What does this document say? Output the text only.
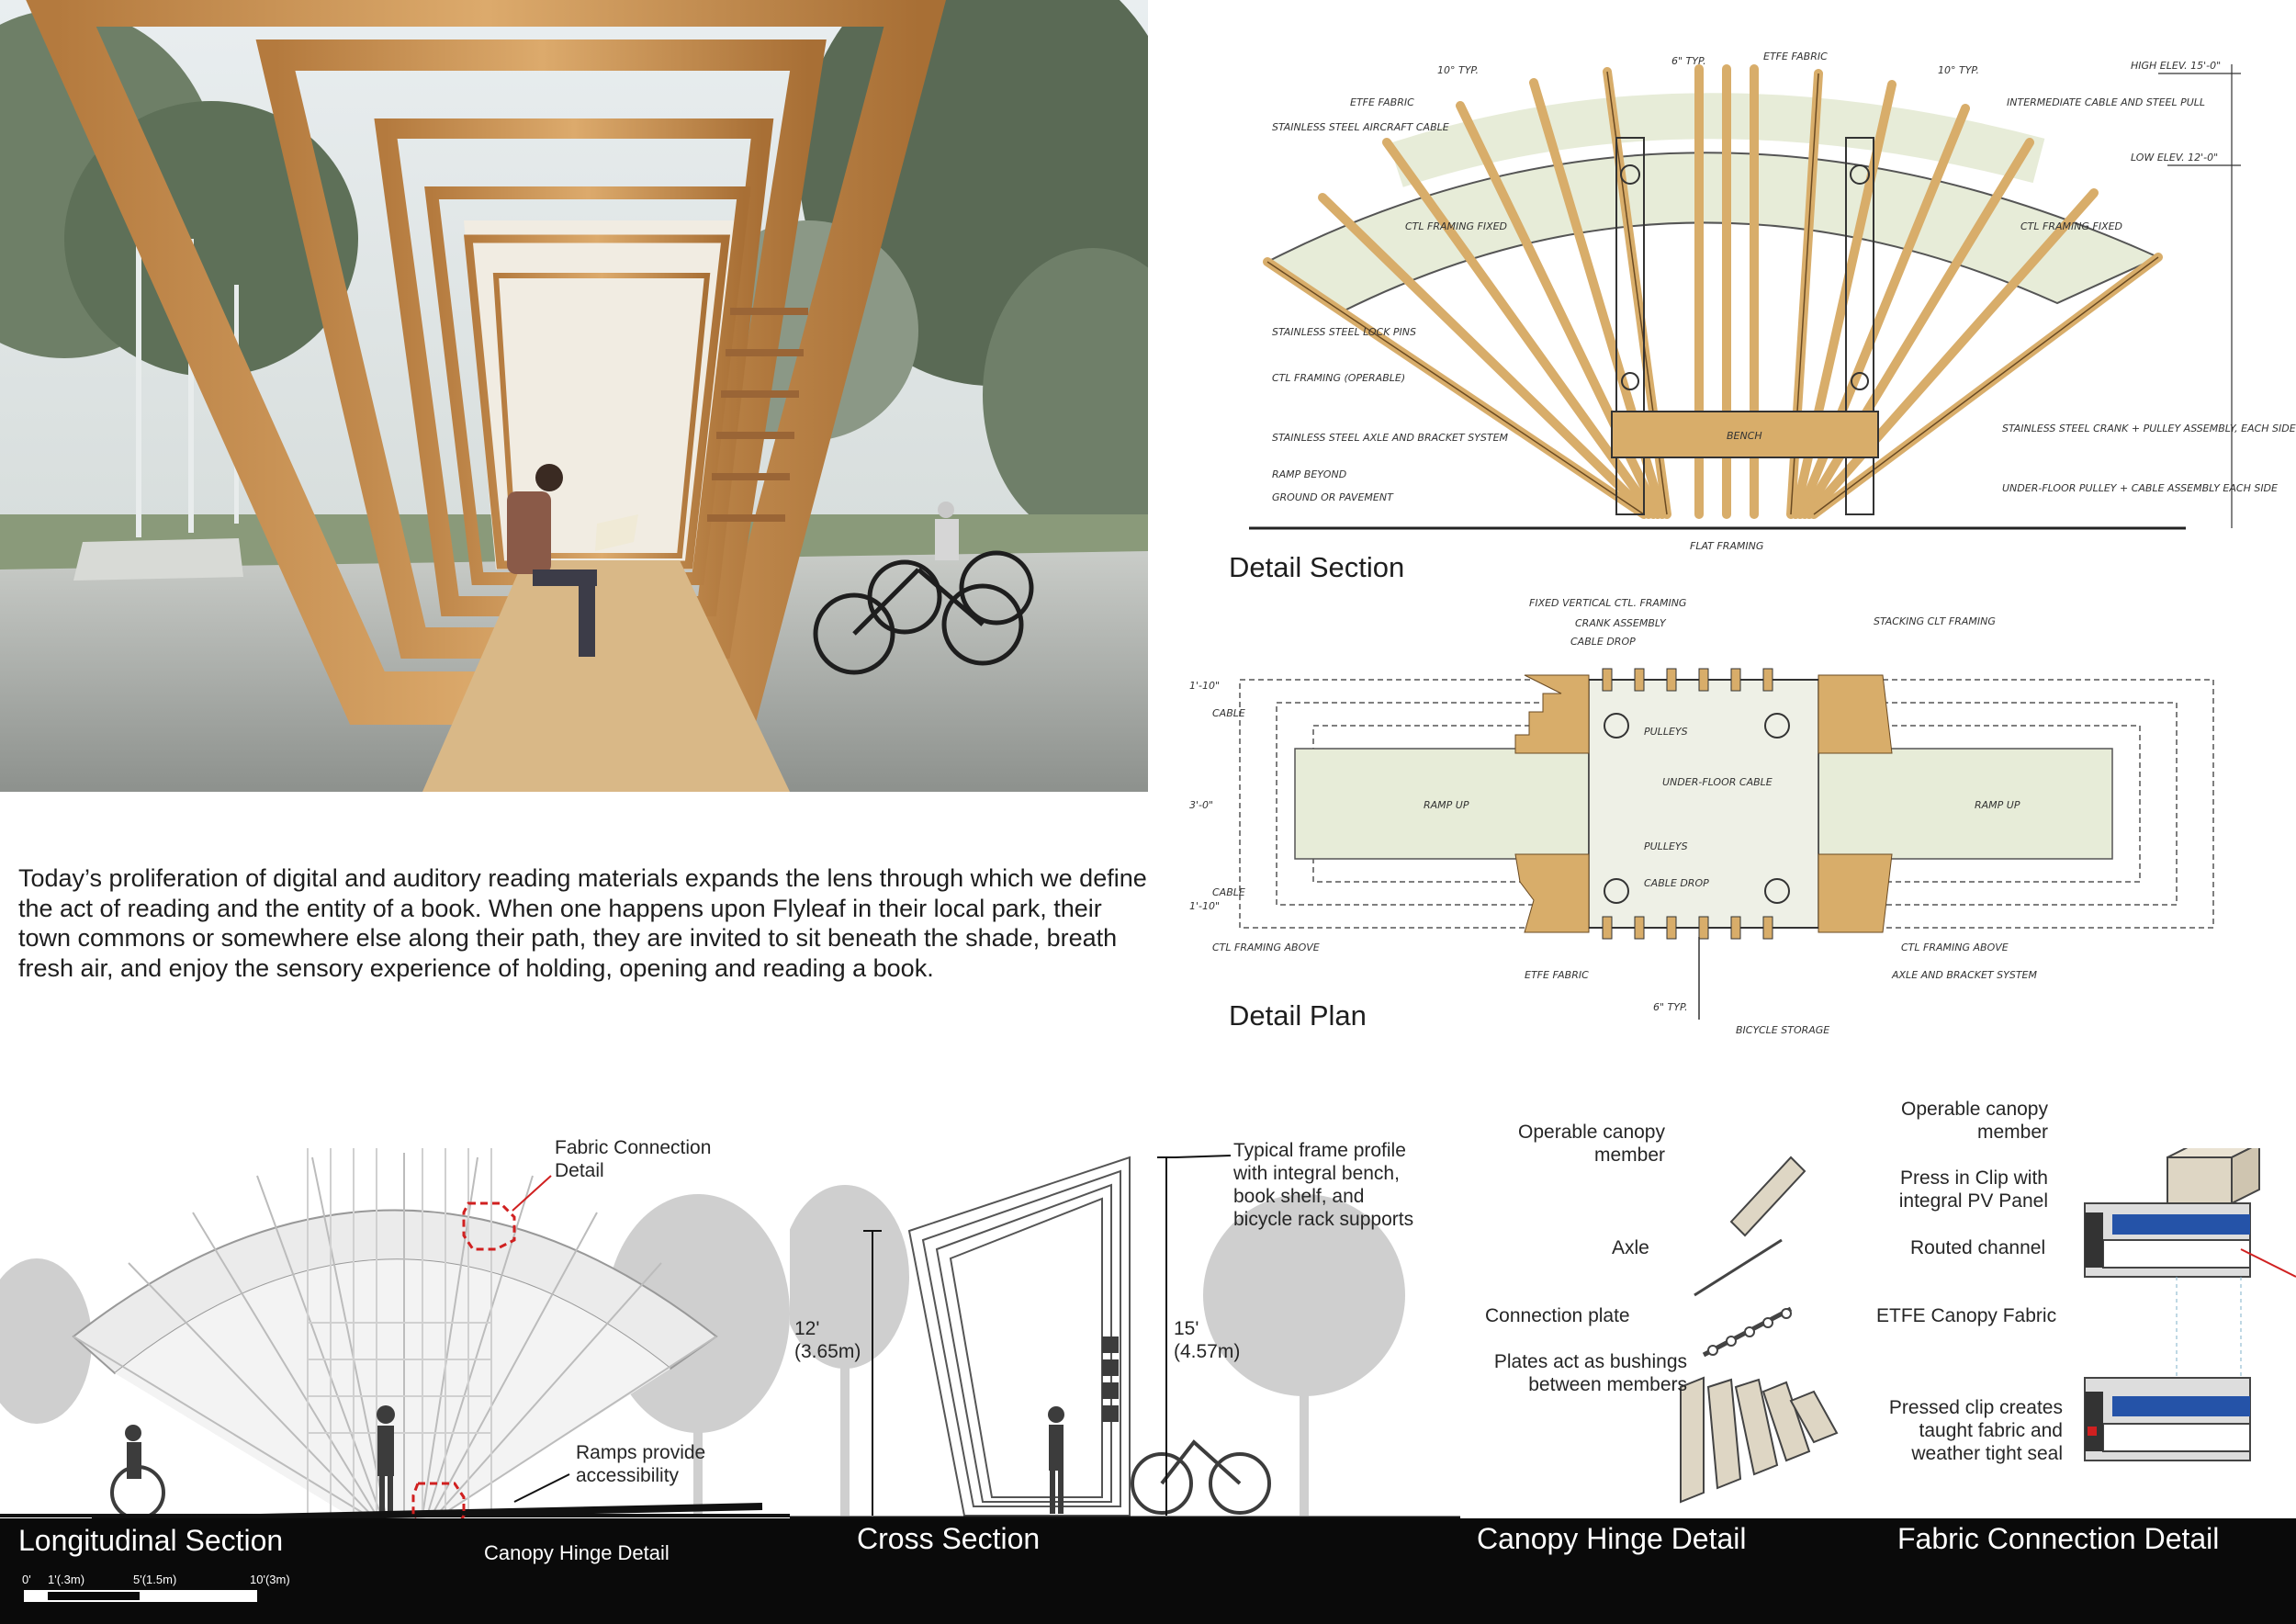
Today’s proliferation of digital and auditory reading materials expands the lens through which we define the act of reading and the entity of a book. When one happens upon Flyleaf in their local park, their town commons or somewhere else along their path, they are invited to sit beneath the shade, breath fresh air, and enjoy the sensory experience of holding, opening and reading a book.
ETFE FABRIC
STAINLESS STEEL AIRCRAFT CABLE
CTL FRAMING FIXED
STAINLESS STEEL LOCK PINS
CTL FRAMING (OPERABLE)
STAINLESS STEEL AXLE AND BRACKET SYSTEM
RAMP BEYOND
GROUND OR PAVEMENT
ETFE FABRIC
INTERMEDIATE CABLE AND STEEL PULL
CTL FRAMING FIXED
BENCH
STAINLESS STEEL CRANK + PULLEY ASSEMBLY, EACH SIDE
UNDER-FLOOR PULLEY + CABLE ASSEMBLY EACH SIDE
FLAT FRAMING
HIGH ELEV. 15'-0"
LOW ELEV. 12'-0"
10° TYP.	10° TYP.
6" TYP.
Detail Section
FIXED VERTICAL CTL. FRAMING
CRANK ASSEMBLY
CABLE DROP
STACKING CLT FRAMING
CABLE
RAMP UP
CABLE
CTL FRAMING ABOVE
PULLEYS
UNDER-FLOOR CABLE
PULLEYS
CABLE DROP
RAMP UP
CTL FRAMING ABOVE
AXLE AND BRACKET SYSTEM
ETFE FABRIC
BICYCLE STORAGE
6" TYP.
1'-10"
3'-0"
1'-10"
Detail Plan
Fabric Connection
Detail
Ramps provide
accessibility
Typical frame profile
with integral bench,
book shelf, and
bicycle rack supports
12'
(3.65m)
15'
(4.57m)
Operable canopy
member
Axle
Connection plate
Plates act as bushings
between members
Operable canopy
member
Press in Clip with
integral PV Panel
Routed channel
ETFE Canopy Fabric
Pressed clip creates
taught fabric and
weather tight seal
Longitudinal Section	Cross Section	Canopy Hinge Detail	Fabric Connection Detail
Canopy Hinge Detail
0' 1'(.3m)	5'(1.5m)	10'(3m)
